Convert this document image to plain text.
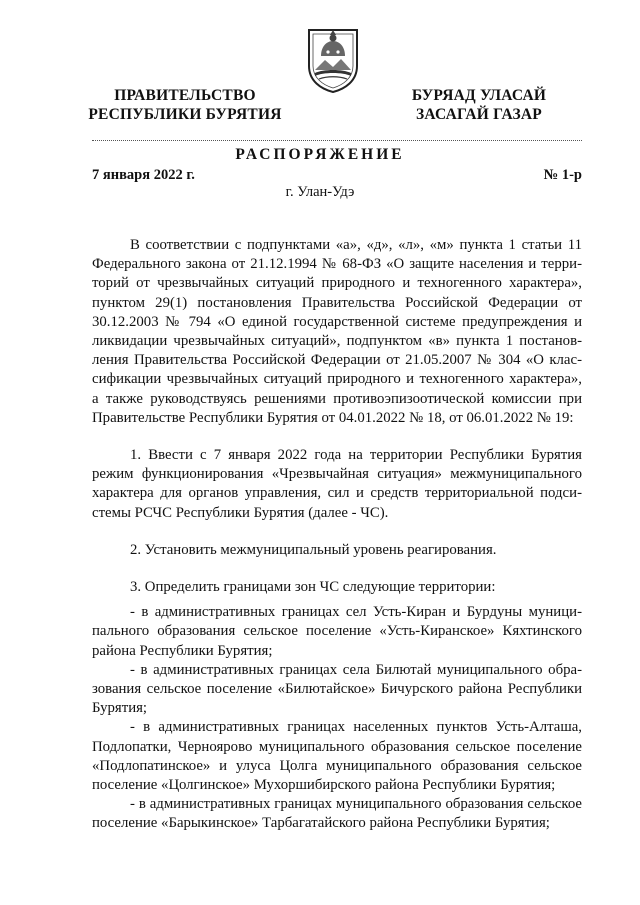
ПРАВИТЕЛЬСТВО
РЕСПУБЛИКИ БУРЯТИЯ
БУРЯАД УЛАСАЙ
ЗАСАГАЙ ГАЗАР
РАСПОРЯЖЕНИЕ
7 января 2022 г.	№ 1-р
г. Улан-Удэ

В соответствии с подпунктами «а», «д», «л», «м» пункта 1 статьи 11 Федерального закона от 21.12.1994 № 68-ФЗ «О защите населения и территорий от чрезвычайных ситуаций природного и техногенного характера», пунктом 29(1) постановления Правительства Российской Федерации от 30.12.2003 № 794 «О единой государственной системе предупреждения и ликвидации чрезвычайных ситуаций», подпунктом «в» пункта 1 постановления Правительства Российской Федерации от 21.05.2007 № 304 «О классификации чрезвычайных ситуаций природного и техногенного характера», а также руководствуясь решениями противоэпизоотической комиссии при Правительстве Республики Бурятия от 04.01.2022 № 18, от 06.01.2022 № 19:

1. Ввести с 7 января 2022 года на территории Республики Бурятия режим функционирования «Чрезвычайная ситуация» межмуниципального характера для органов управления, сил и средств территориальной подсистемы РСЧС Республики Бурятия (далее - ЧС).

2. Установить межмуниципальный уровень реагирования.

3. Определить границами зон ЧС следующие территории:

- в административных границах сел Усть-Киран и Бурдуны муниципального образования сельское поселение «Усть-Киранское» Кяхтинского района Республики Бурятия;

- в административных границах села Билютай муниципального образования сельское поселение «Билютайское» Бичурского района Республики Бурятия;

- в административных границах населенных пунктов Усть-Алташа, Подлопатки, Черноярово муниципального образования сельское поселение «Подлопатинское» и улуса Цолга муниципального образования сельское поселение «Цолгинское» Мухоршибирского района Республики Бурятия;

- в административных границах муниципального образования сельское поселение «Барыкинское» Тарбагатайского района Республики Бурятия;
